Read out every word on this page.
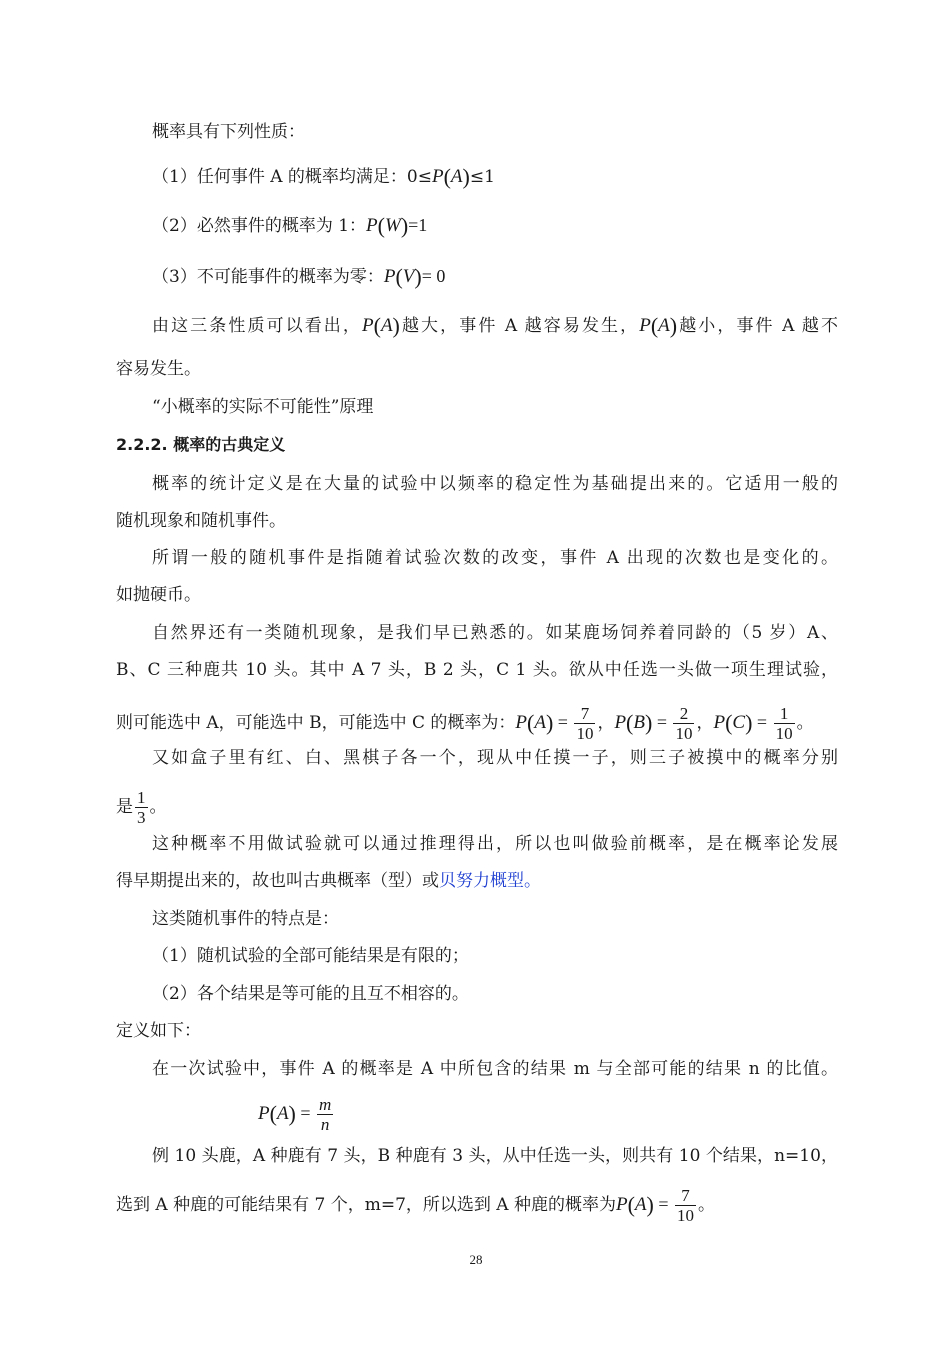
概率具有下列性质：
（1）任何事件 A 的概率均满足：0≤P(A)≤1
（2）必然事件的概率为 1：P(W)=1
（3）不可能事件的概率为零：P(V)= 0
由这三条性质可以看出，P(A)越大，事件 A 越容易发生，P(A)越小，事件 A 越不
容易发生。
“小概率的实际不可能性”原理
2.2.2. 概率的古典定义
概率的统计定义是在大量的试验中以频率的稳定性为基础提出来的。它适用一般的
随机现象和随机事件。
所谓一般的随机事件是指随着试验次数的改变，事件 A 出现的次数也是变化的。
如抛硬币。
自然界还有一类随机现象，是我们早已熟悉的。如某鹿场饲养着同龄的（5 岁）A、
B、C 三种鹿共 10 头。其中 A 7 头，B 2 头，C 1 头。欲从中任选一头做一项生理试验，
则可能选中 A，可能选中 B，可能选中 C 的概率为：$P(A) = \frac{7}{10}$ ，$P(B) = \frac{2}{10}$ ，$P(C) = \frac{1}{10}$ 。
又如盒子里有红、白、黑棋子各一个，现从中任摸一子，则三子被摸中的概率分别
是 $\frac{1}{3}$ 。
这种概率不用做试验就可以通过推理得出，所以也叫做验前概率，是在概率论发展
得早期提出来的，故也叫古典概率（型）或贝努力概型。
这类随机事件的特点是：
（1）随机试验的全部可能结果是有限的；
（2）各个结果是等可能的且互不相容的。
定义如下：
在一次试验中，事件 A 的概率是 A 中所包含的结果 m 与全部可能的结果 n 的比值。
$P(A) = \frac{m}{n}$
例 10 头鹿，A 种鹿有 7 头，B 种鹿有 3 头，从中任选一头，则共有 10 个结果，n=10，
选到 A 种鹿的可能结果有 7 个，m=7，所以选到 A 种鹿的概率为$P(A) = \frac{7}{10}$ 。
28
